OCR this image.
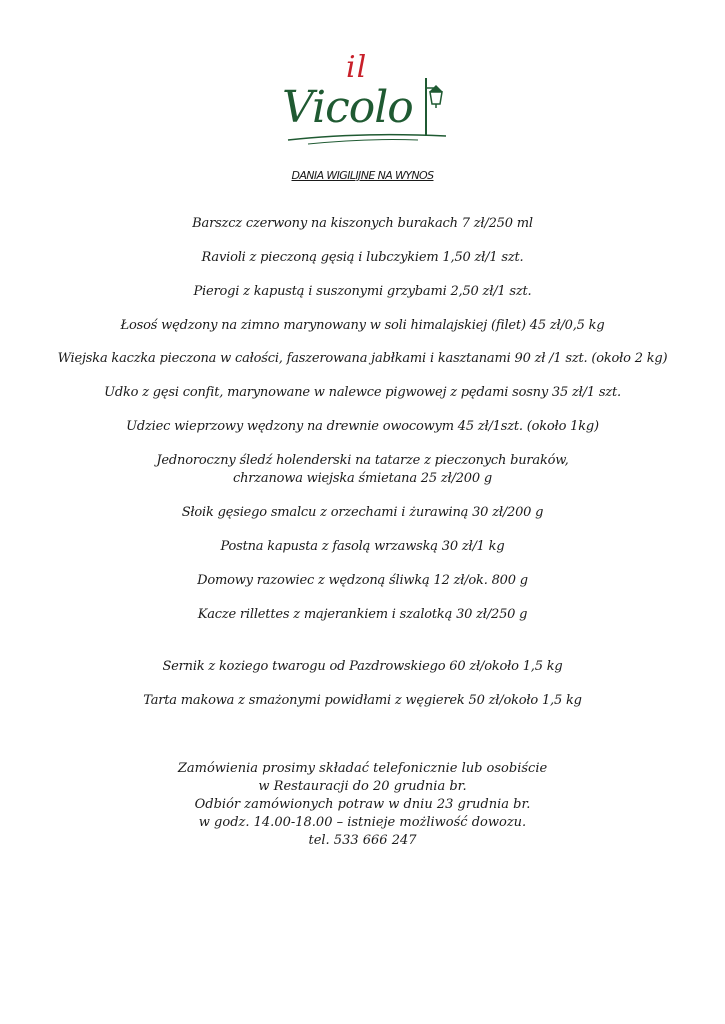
il
Vicolo
DANIA WIGILIJNE NA WYNOS
Barszcz czerwony na kiszonych burakach 7 zł/250 ml
Ravioli z pieczoną gęsią i lubczykiem 1,50 zł/1 szt.
Pierogi z kapustą i suszonymi grzybami 2,50 zł/1 szt.
Łosoś wędzony na zimno marynowany w soli himalajskiej (filet) 45 zł/0,5 kg
Wiejska kaczka pieczona w całości, faszerowana jabłkami i kasztanami 90 zł /1 szt. (około 2 kg)
Udko z gęsi confit, marynowane w nalewce pigwowej z pędami sosny 35 zł/1 szt.
Udziec wieprzowy wędzony na drewnie owocowym 45 zł/1szt. (około 1kg)
Jednoroczny śledź holenderski na tatarze z pieczonych buraków,
chrzanowa wiejska śmietana 25 zł/200 g
Słoik gęsiego smalcu z orzechami i żurawiną 30 zł/200 g
Postna kapusta z fasolą wrzawską 30 zł/1 kg
Domowy razowiec z wędzoną śliwką 12 zł/ok. 800 g
Kacze rillettes z majerankiem i szalotką 30 zł/250 g
Sernik z koziego twarogu od Pazdrowskiego 60 zł/około 1,5 kg
Tarta makowa z smażonymi powidłami z węgierek 50 zł/około 1,5 kg
Zamówienia prosimy składać telefonicznie lub osobiście
w Restauracji do 20 grudnia br.
Odbiór zamówionych potraw w dniu 23 grudnia br.
w godz. 14.00-18.00 – istnieje możliwość dowozu.
tel. 533 666 247
